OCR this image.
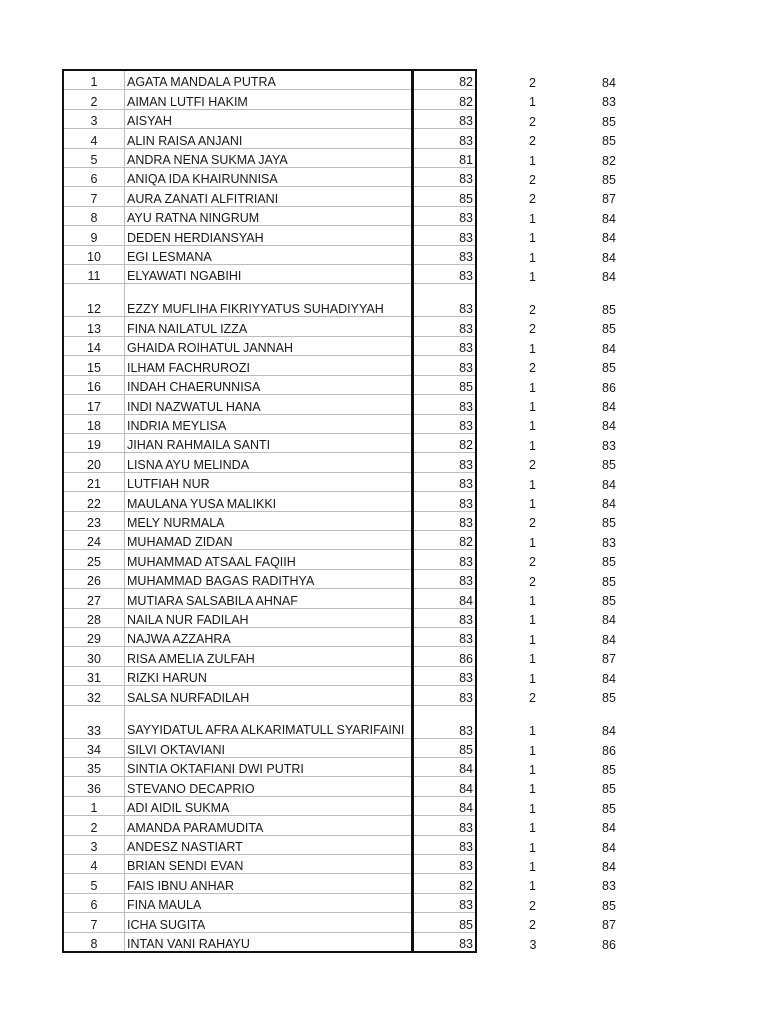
1	AGATA MANDALA PUTRA	82	2	84
2	AIMAN LUTFI HAKIM	82	1	83
3	AISYAH	83	2	85
4	ALIN RAISA ANJANI	83	2	85
5	ANDRA NENA SUKMA JAYA	81	1	82
6	ANIQA IDA KHAIRUNNISA	83	2	85
7	AURA ZANATI ALFITRIANI	85	2	87
8	AYU RATNA NINGRUM	83	1	84
9	DEDEN HERDIANSYAH	83	1	84
10	EGI LESMANA	83	1	84
11	ELYAWATI NGABIHI	83	1	84
12	EZZY MUFLIHA FIKRIYYATUS SUHADIYYAH	83	2	85
13	FINA NAILATUL IZZA	83	2	85
14	GHAIDA ROIHATUL JANNAH	83	1	84
15	ILHAM FACHRUROZI	83	2	85
16	INDAH CHAERUNNISA	85	1	86
17	INDI NAZWATUL HANA	83	1	84
18	INDRIA MEYLISA	83	1	84
19	JIHAN RAHMAILA SANTI	82	1	83
20	LISNA AYU MELINDA	83	2	85
21	LUTFIAH NUR	83	1	84
22	MAULANA YUSA MALIKKI	83	1	84
23	MELY NURMALA	83	2	85
24	MUHAMAD ZIDAN	82	1	83
25	MUHAMMAD ATSAAL FAQIIH	83	2	85
26	MUHAMMAD BAGAS RADITHYA	83	2	85
27	MUTIARA SALSABILA AHNAF	84	1	85
28	NAILA NUR FADILAH	83	1	84
29	NAJWA AZZAHRA	83	1	84
30	RISA AMELIA ZULFAH	86	1	87
31	RIZKI HARUN	83	1	84
32	SALSA NURFADILAH	83	2	85
33	SAYYIDATUL AFRA ALKARIMATULL SYARIFAINI	83	1	84
34	SILVI OKTAVIANI	85	1	86
35	SINTIA OKTAFIANI DWI PUTRI	84	1	85
36	STEVANO DECAPRIO	84	1	85
1	ADI AIDIL SUKMA	84	1	85
2	AMANDA PARAMUDITA	83	1	84
3	ANDESZ NASTIART	83	1	84
4	BRIAN SENDI EVAN	83	1	84
5	FAIS IBNU ANHAR	82	1	83
6	FINA MAULA	83	2	85
7	ICHA SUGITA	85	2	87
8	INTAN VANI RAHAYU	83	3	86
